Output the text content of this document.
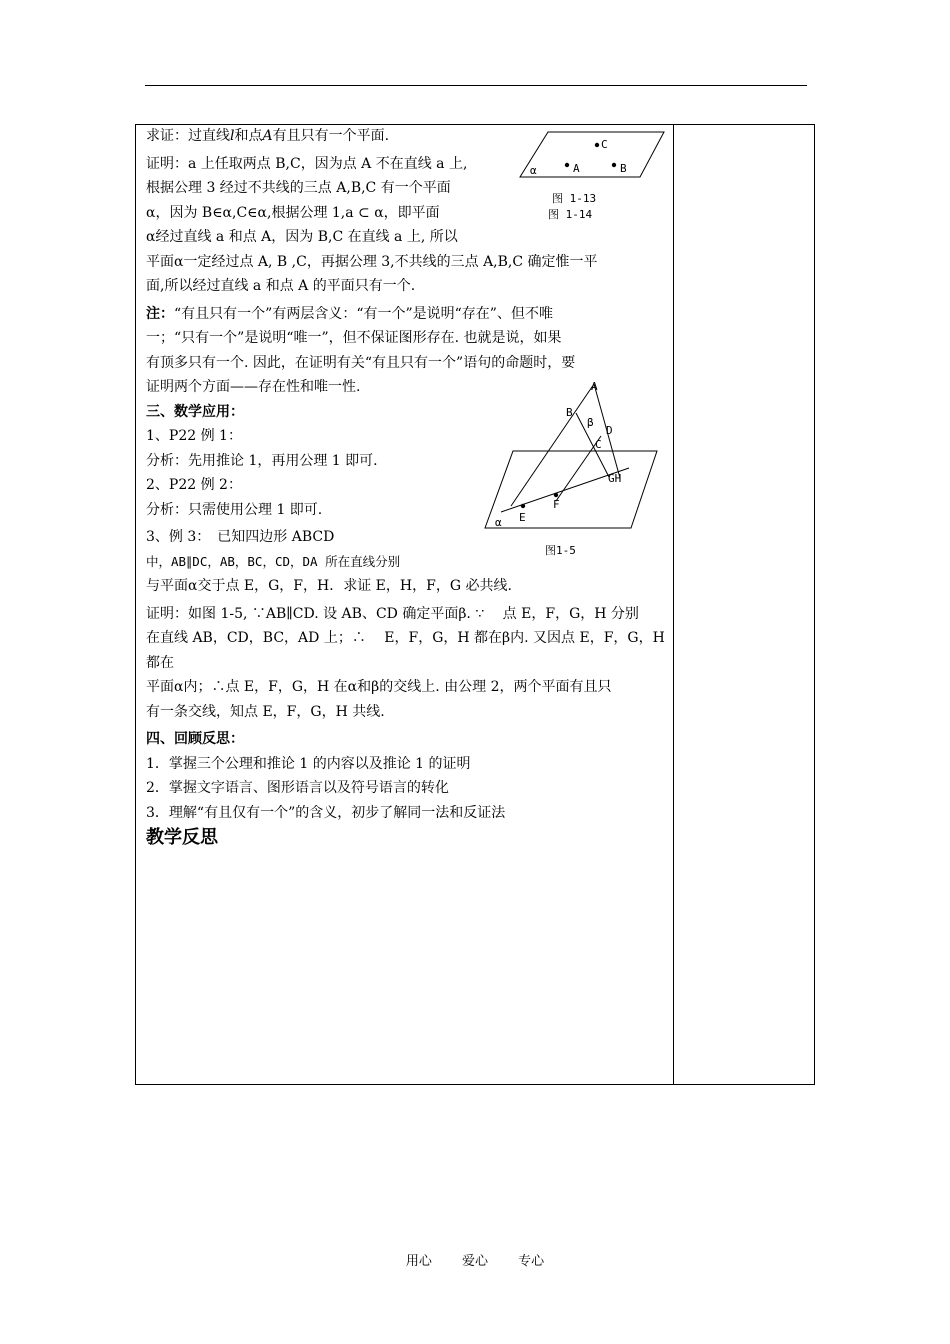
求证：过直线l和点A有且只有一个平面.

证明：a 上任取两点 B,C，因为点 A 不在直线 a 上,

根据公理 3 经过不共线的三点 A,B,C 有一个平面

α，因为 B∈α,C∈α,根据公理 1,a ⊂ α，即平面

α经过直线 a 和点 A，因为 B,C 在直线 a 上, 所以

平面α一定经过点 A, B ,C，再据公理 3,不共线的三点 A,B,C 确定惟一平

面,所以经过直线 a 和点 A 的平面只有一个.

注：“有且只有一个”有两层含义：“有一个”是说明“存在”、但不唯

一；“只有一个”是说明“唯一”，但不保证图形存在. 也就是说，如果

有顶多只有一个. 因此，在证明有关“有且只有一个”语句的命题时，要

证明两个方面——存在性和唯一性.

三、数学应用：

1、P22 例 1：

分析：先用推论 1，再用公理 1 即可.

2、P22 例 2：

分析：只需使用公理 1 即可.

3、例 3：　已知四边形 ABCD

中，AB∥DC，AB，BC，CD，DA 所在直线分别

与平面α交于点 E，G，F，H．求证 E，H，F，G 必共线.

证明：如图 1-5, ∵AB∥CD. 设 AB、CD 确定平面β. ∵　 点 E，F，G，H 分别

在直线 AB，CD，BC，AD 上；∴　 E，F，G，H 都在β内. 又因点 E，F，G，H 都在

平面α内；∴点 E，F，G，H 在α和β的交线上. 由公理 2，两个平面有且只

有一条交线，知点 E，F，G，H 共线.

四、回顾反思：

1．掌握三个公理和推论 1 的内容以及推论 1 的证明

2．掌握文字语言、图形语言以及符号语言的转化

3．理解“有且仅有一个”的含义，初步了解同一法和反证法

教学反思

C
A	B
α
图 1-13
图 1-14
A
B
β
D
C
GH
F
E
α
图1-5
用心 爱心 专心
